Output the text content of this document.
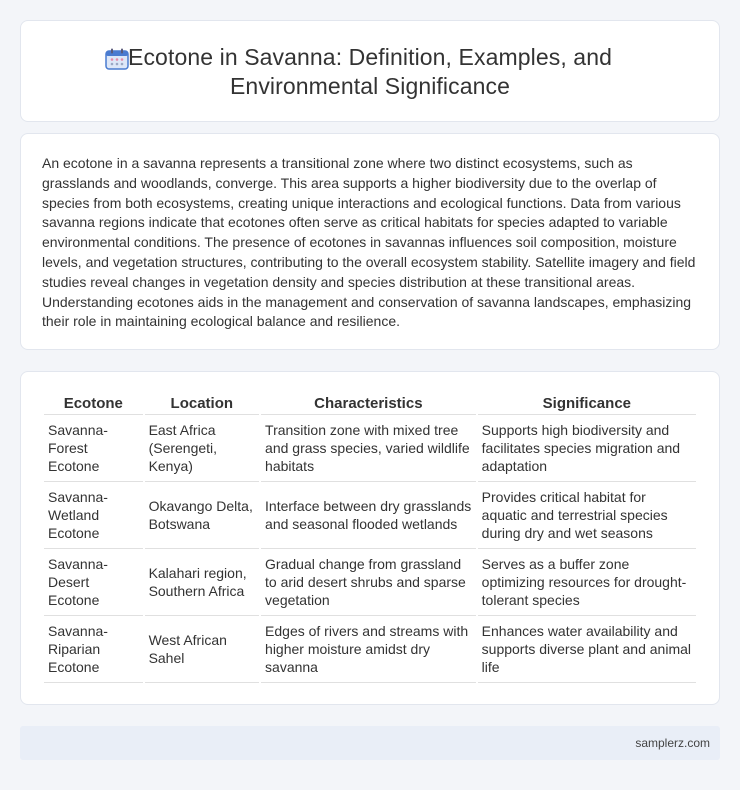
Ecotone in Savanna: Definition, Examples, and Environmental Significance

An ecotone in a savanna represents a transitional zone where two distinct ecosystems, such as grasslands and woodlands, converge. This area supports a higher biodiversity due to the overlap of species from both ecosystems, creating unique interactions and ecological functions. Data from various savanna regions indicate that ecotones often serve as critical habitats for species adapted to variable environmental conditions. The presence of ecotones in savannas influences soil composition, moisture levels, and vegetation structures, contributing to the overall ecosystem stability. Satellite imagery and field studies reveal changes in vegetation density and species distribution at these transitional areas. Understanding ecotones aids in the management and conservation of savanna landscapes, emphasizing their role in maintaining ecological balance and resilience.

Ecotone	Location	Characteristics	Significance
Savanna-Forest Ecotone	East Africa (Serengeti, Kenya)	Transition zone with mixed tree and grass species, varied wildlife habitats	Supports high biodiversity and facilitates species migration and adaptation
Savanna-Wetland Ecotone	Okavango Delta, Botswana	Interface between dry grasslands and seasonal flooded wetlands	Provides critical habitat for aquatic and terrestrial species during dry and wet seasons
Savanna-Desert Ecotone	Kalahari region, Southern Africa	Gradual change from grassland to arid desert shrubs and sparse vegetation	Serves as a buffer zone optimizing resources for drought-tolerant species
Savanna-Riparian Ecotone	West African Sahel	Edges of rivers and streams with higher moisture amidst dry savanna	Enhances water availability and supports diverse plant and animal life
samplerz.com
